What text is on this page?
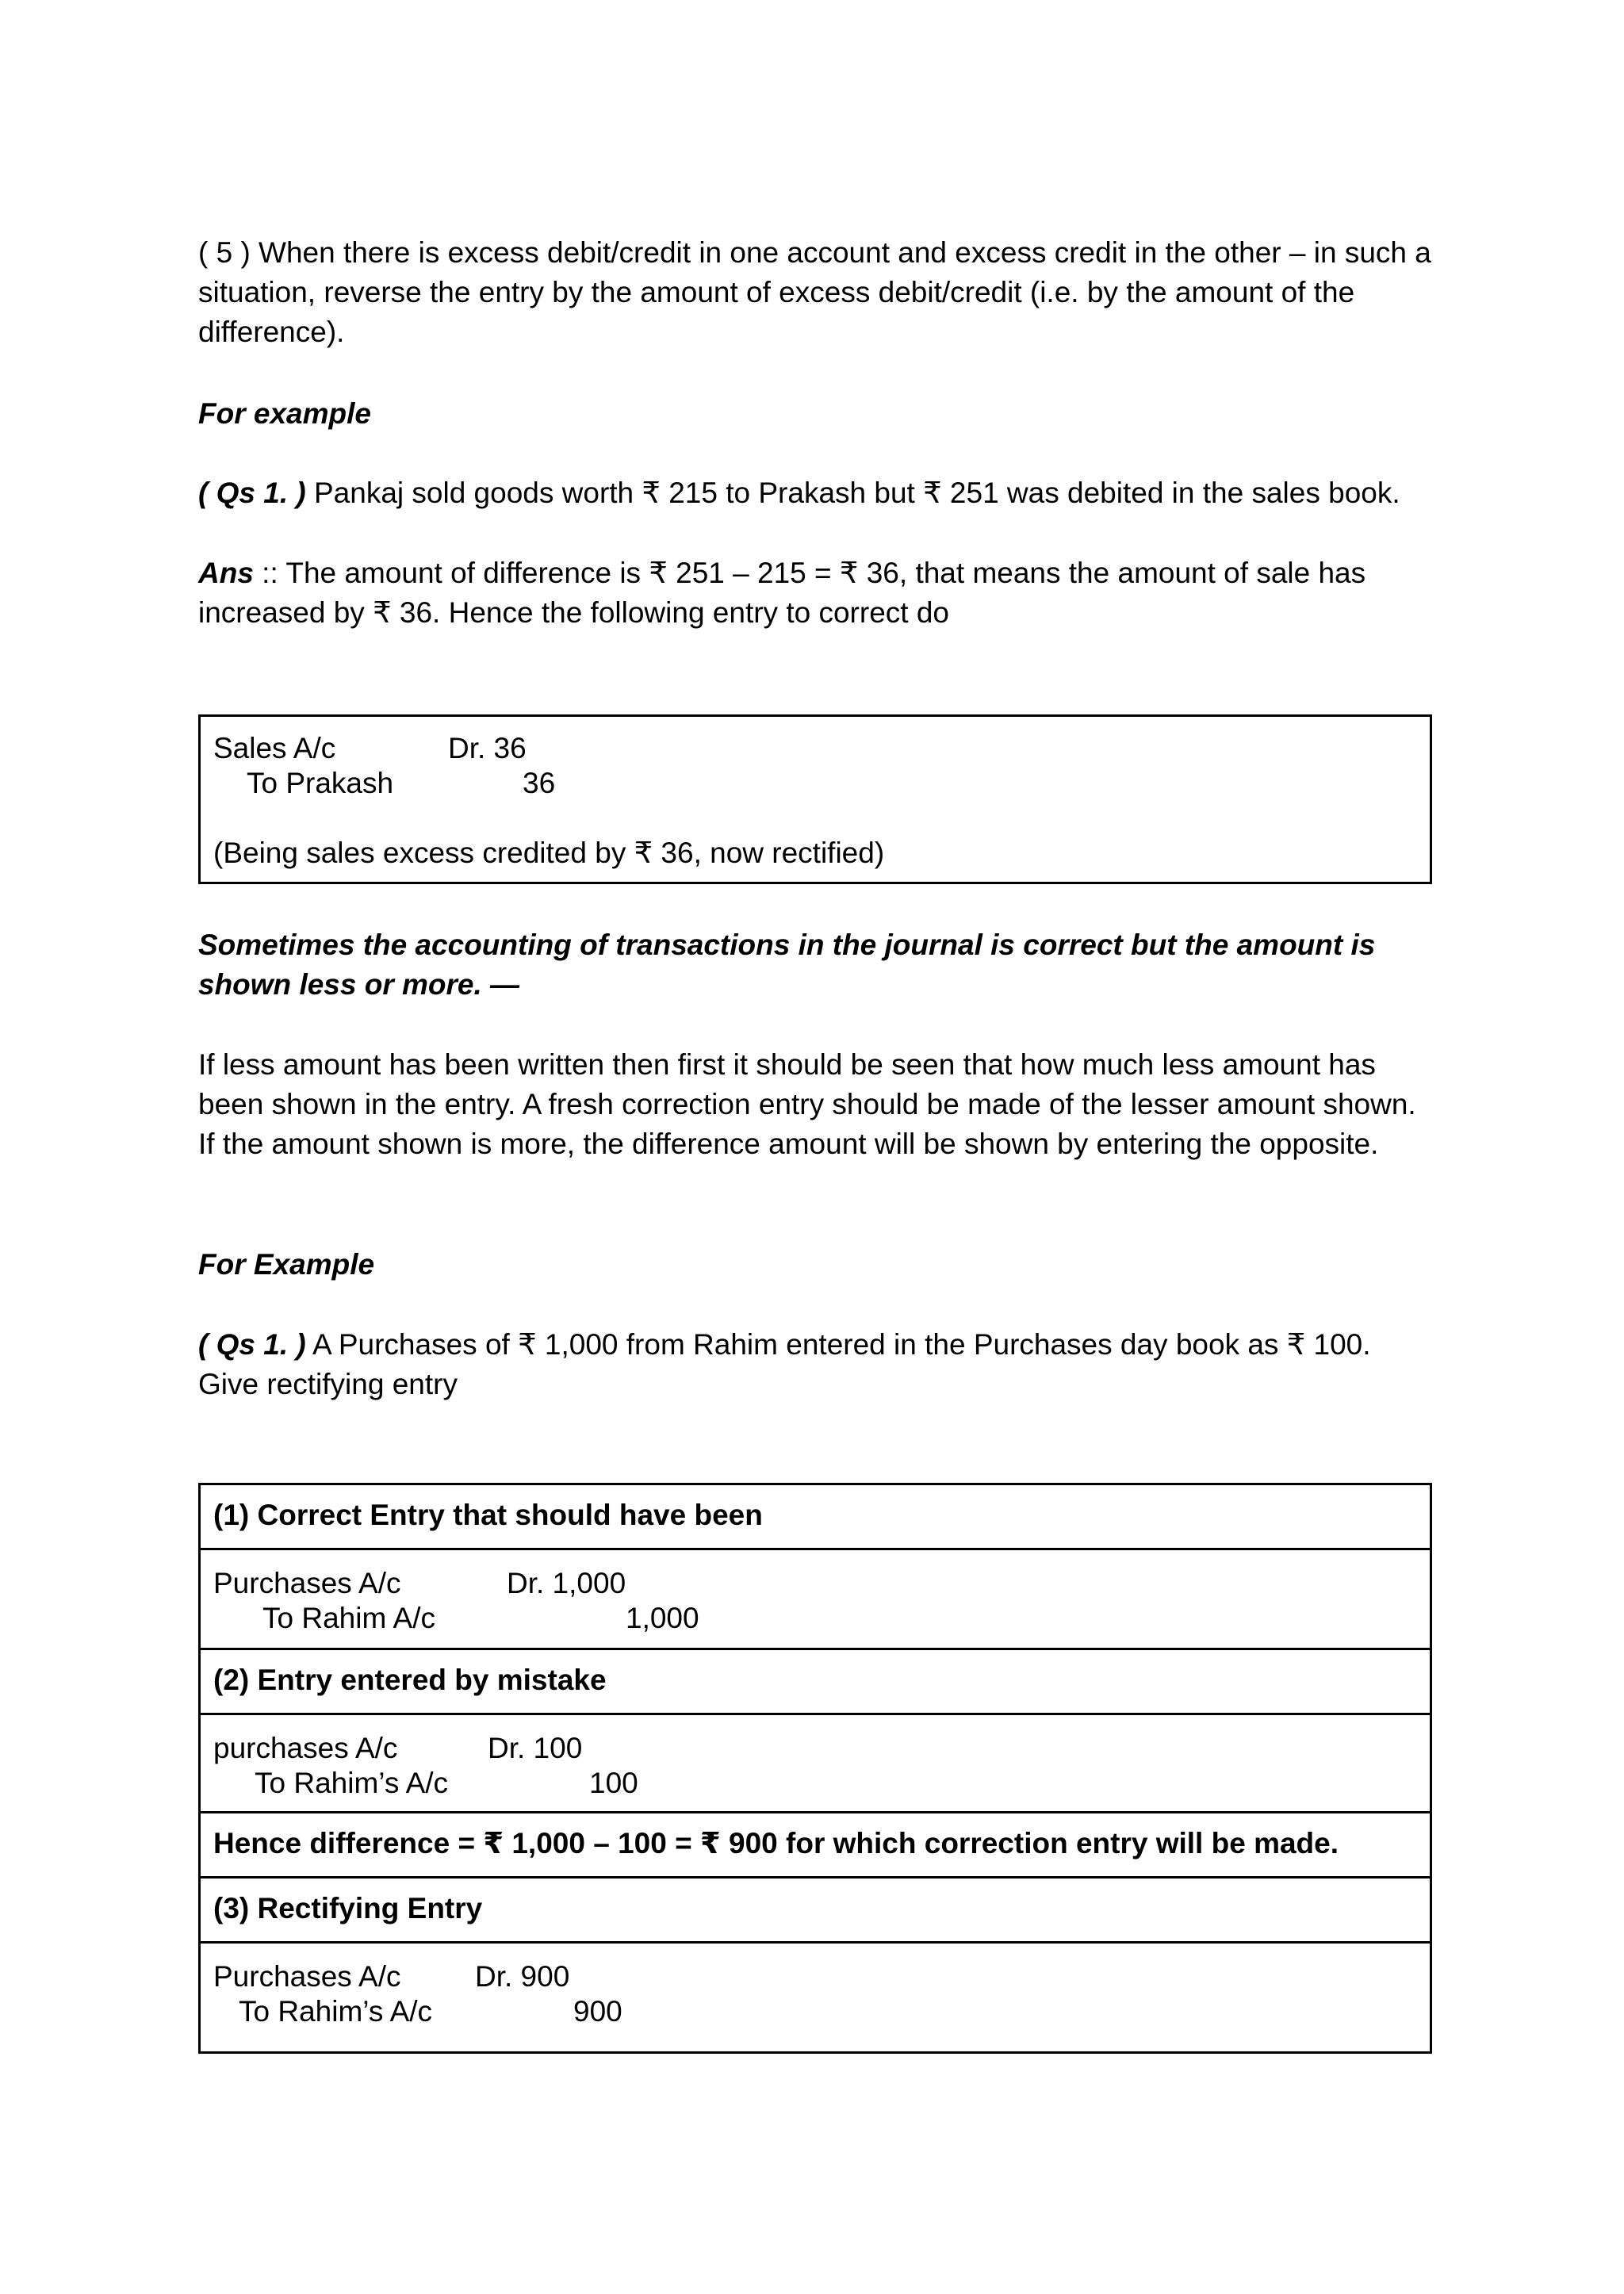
( 5 ) When there is excess debit/credit in one account and excess credit in the other – in such a situation, reverse the entry by the amount of excess debit/credit (i.e. by the amount of the difference).

For example

( Qs 1. ) Pankaj sold goods worth ₹ 215 to Prakash but ₹ 251 was debited in the sales book.

Ans :: The amount of difference is ₹ 251 – 215 = ₹ 36, that means the amount of sale has increased by ₹ 36. Hence the following entry to correct do

Sales A/c	Dr. 36
To Prakash	36
(Being sales excess credited by ₹ 36, now rectified)

Sometimes the accounting of transactions in the journal is correct but the amount is shown less or more. —

If less amount has been written then first it should be seen that how much less amount has been shown in the entry. A fresh correction entry should be made of the lesser amount shown. If the amount shown is more, the difference amount will be shown by entering the opposite.

For Example

( Qs 1. ) A Purchases of ₹ 1,000 from Rahim entered in the Purchases day book as ₹ 100. Give rectifying entry

(1) Correct Entry that should have been
Purchases A/c	Dr. 1,000
To Rahim A/c	1,000
(2) Entry entered by mistake
purchases A/c	Dr. 100
To Rahim’s A/c	100
Hence difference = ₹ 1,000 – 100 = ₹ 900 for which correction entry will be made.
(3) Rectifying Entry
Purchases A/c	Dr. 900
To Rahim’s A/c	900
